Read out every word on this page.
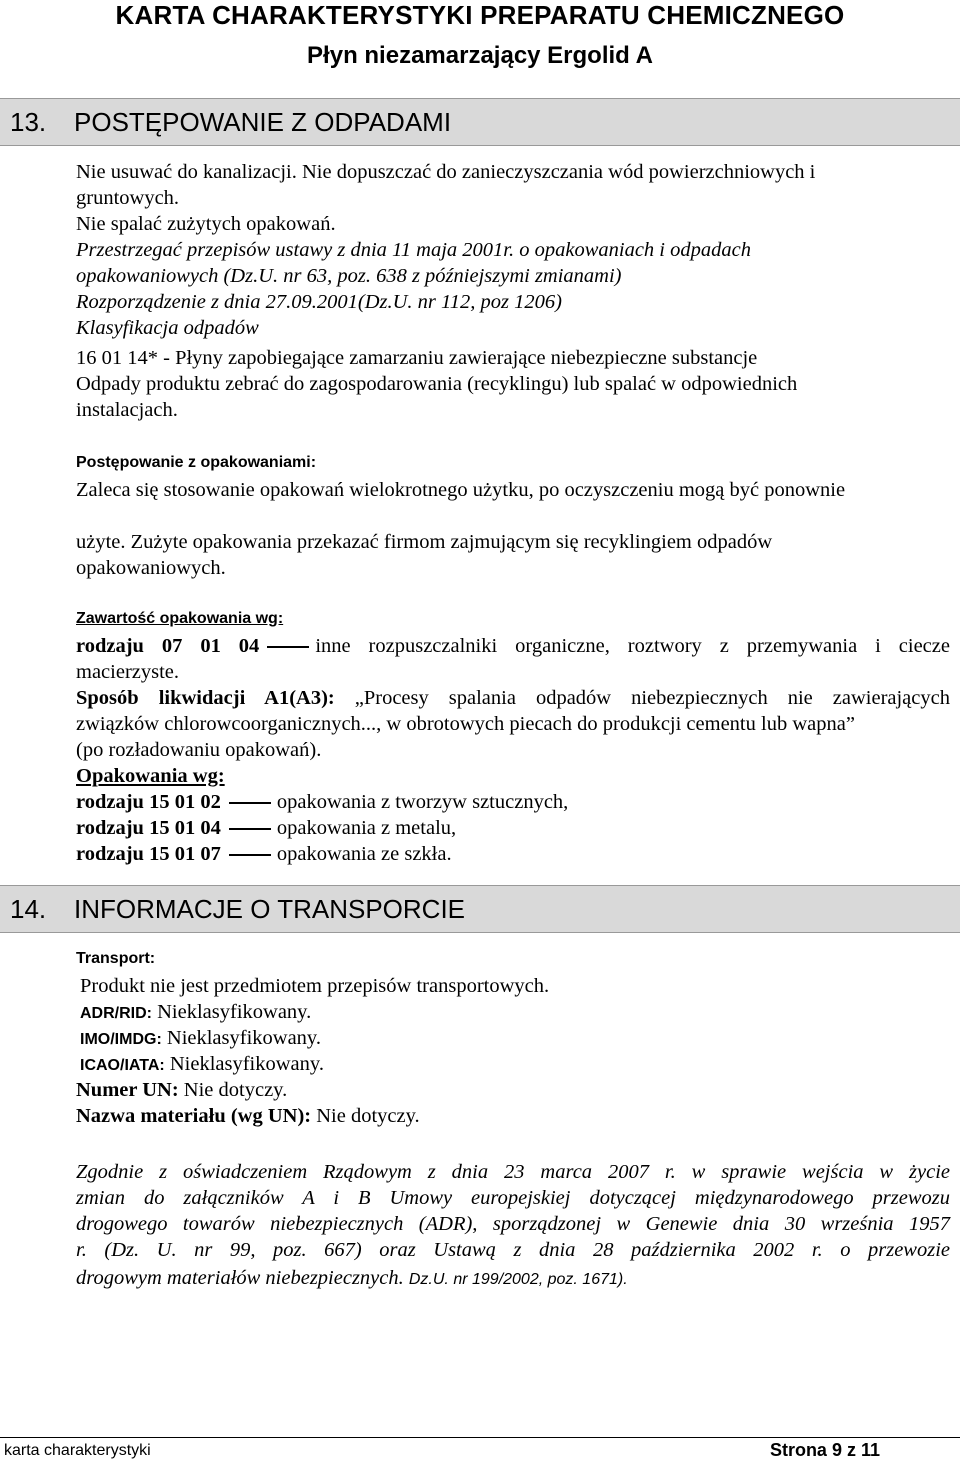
KARTA CHARAKTERYSTYKI PREPARATU CHEMICZNEGO
Płyn niezamarzający Ergolid A
13. POSTĘPOWANIE Z ODPADAMI
Nie usuwać do kanalizacji. Nie dopuszczać do zanieczyszczania wód powierzchniowych i
gruntowych.
Nie spalać zużytych opakowań.
Przestrzegać przepisów ustawy z dnia 11 maja 2001r. o opakowaniach i odpadach
opakowaniowych (Dz.U. nr 63, poz. 638 z późniejszymi zmianami)
Rozporządzenie z dnia 27.09.2001(Dz.U. nr 112, poz 1206)
Klasyfikacja odpadów
16 01 14* - Płyny zapobiegające zamarzaniu zawierające niebezpieczne substancje
Odpady produktu zebrać do zagospodarowania (recyklingu) lub spalać w odpowiednich
instalacjach.
Postępowanie z opakowaniami:
Zaleca się stosowanie opakowań wielokrotnego użytku, po oczyszczeniu mogą być ponownie
użyte. Zużyte opakowania przekazać firmom zajmującym się recyklingiem odpadów
opakowaniowych.
Zawartość opakowania wg:
rodzaju 07 01 04	inne rozpuszczalniki organiczne, roztwory z przemywania i ciecze
macierzyste.
Sposób likwidacji A1(A3): „Procesy spalania odpadów niebezpiecznych nie zawierających
związków chlorowcoorganicznych..., w obrotowych piecach do produkcji cementu lub wapna”
(po rozładowaniu opakowań).
Opakowania wg:
rodzaju 15 01 02	opakowania z tworzyw sztucznych,
rodzaju 15 01 04	opakowania z metalu,
rodzaju 15 01 07	opakowania ze szkła.
14. INFORMACJE O TRANSPORCIE
Transport:
Produkt nie jest przedmiotem przepisów transportowych.
ADR/RID: Nieklasyfikowany.
IMO/IMDG: Nieklasyfikowany.
ICAO/IATA: Nieklasyfikowany.
Numer UN: Nie dotyczy.
Nazwa materiału (wg UN): Nie dotyczy.
Zgodnie z oświadczeniem Rządowym z dnia 23 marca 2007 r. w sprawie wejścia w życie
zmian do załączników A i B Umowy europejskiej dotyczącej międzynarodowego przewozu
drogowego towarów niebezpiecznych (ADR), sporządzonej w Genewie dnia 30 września 1957
r. (Dz. U. nr 99, poz. 667) oraz Ustawą z dnia 28 października 2002 r. o przewozie
drogowym materiałów niebezpiecznych. Dz.U. nr 199/2002, poz. 1671).
karta charakterystyki	Strona 9 z 11
